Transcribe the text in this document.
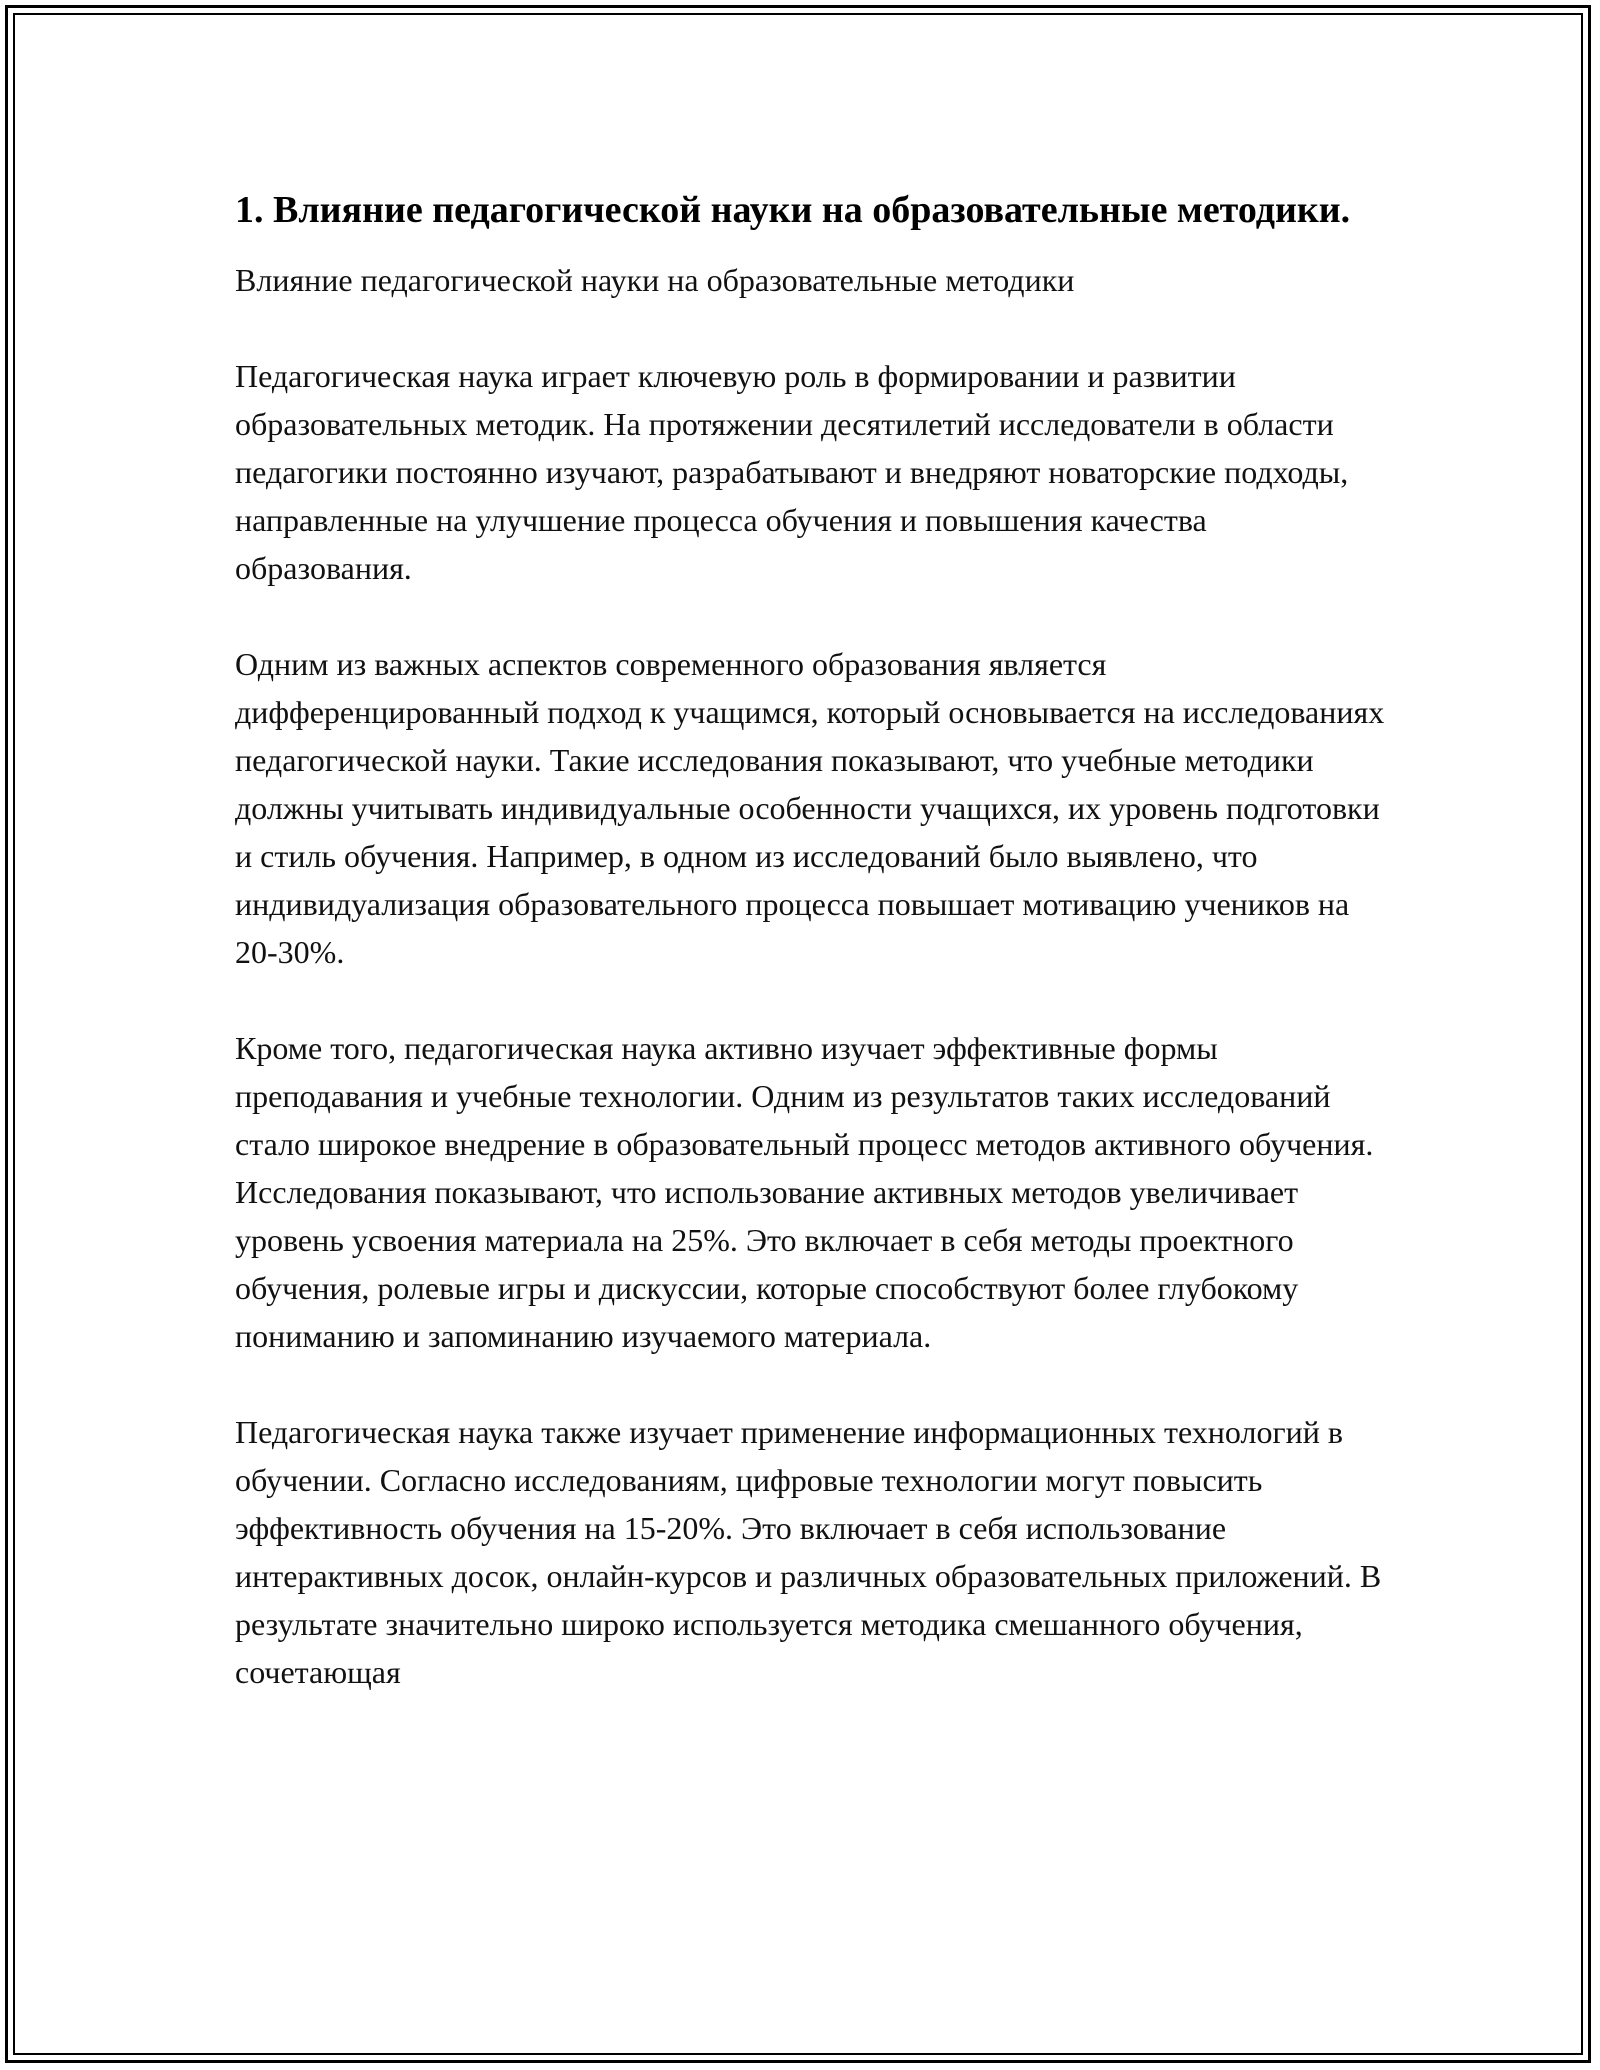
1. Влияние педагогической науки на образовательные методики.
Влияние педагогической науки на образовательные методики

Педагогическая наука играет ключевую роль в формировании и развитии образовательных методик. На протяжении десятилетий исследователи в области педагогики постоянно изучают, разрабатывают и внедряют новаторские подходы, направленные на улучшение процесса обучения и повышения качества образования.

Одним из важных аспектов современного образования является дифференцированный подход к учащимся, который основывается на исследованиях педагогической науки. Такие исследования показывают, что учебные методики должны учитывать индивидуальные особенности учащихся, их уровень подготовки и стиль обучения. Например, в одном из исследований было выявлено, что индивидуализация образовательного процесса повышает мотивацию учеников на 20-30%.

Кроме того, педагогическая наука активно изучает эффективные формы преподавания и учебные технологии. Одним из результатов таких исследований стало широкое внедрение в образовательный процесс методов активного обучения. Исследования показывают, что использование активных методов увеличивает уровень усвоения материала на 25%. Это включает в себя методы проектного обучения, ролевые игры и дискуссии, которые способствуют более глубокому пониманию и запоминанию изучаемого материала.

Педагогическая наука также изучает применение информационных технологий в обучении. Согласно исследованиям, цифровые технологии могут повысить эффективность обучения на 15-20%. Это включает в себя использование интерактивных досок, онлайн-курсов и различных образовательных приложений. В результате значительно широко используется методика смешанного обучения, сочетающая
